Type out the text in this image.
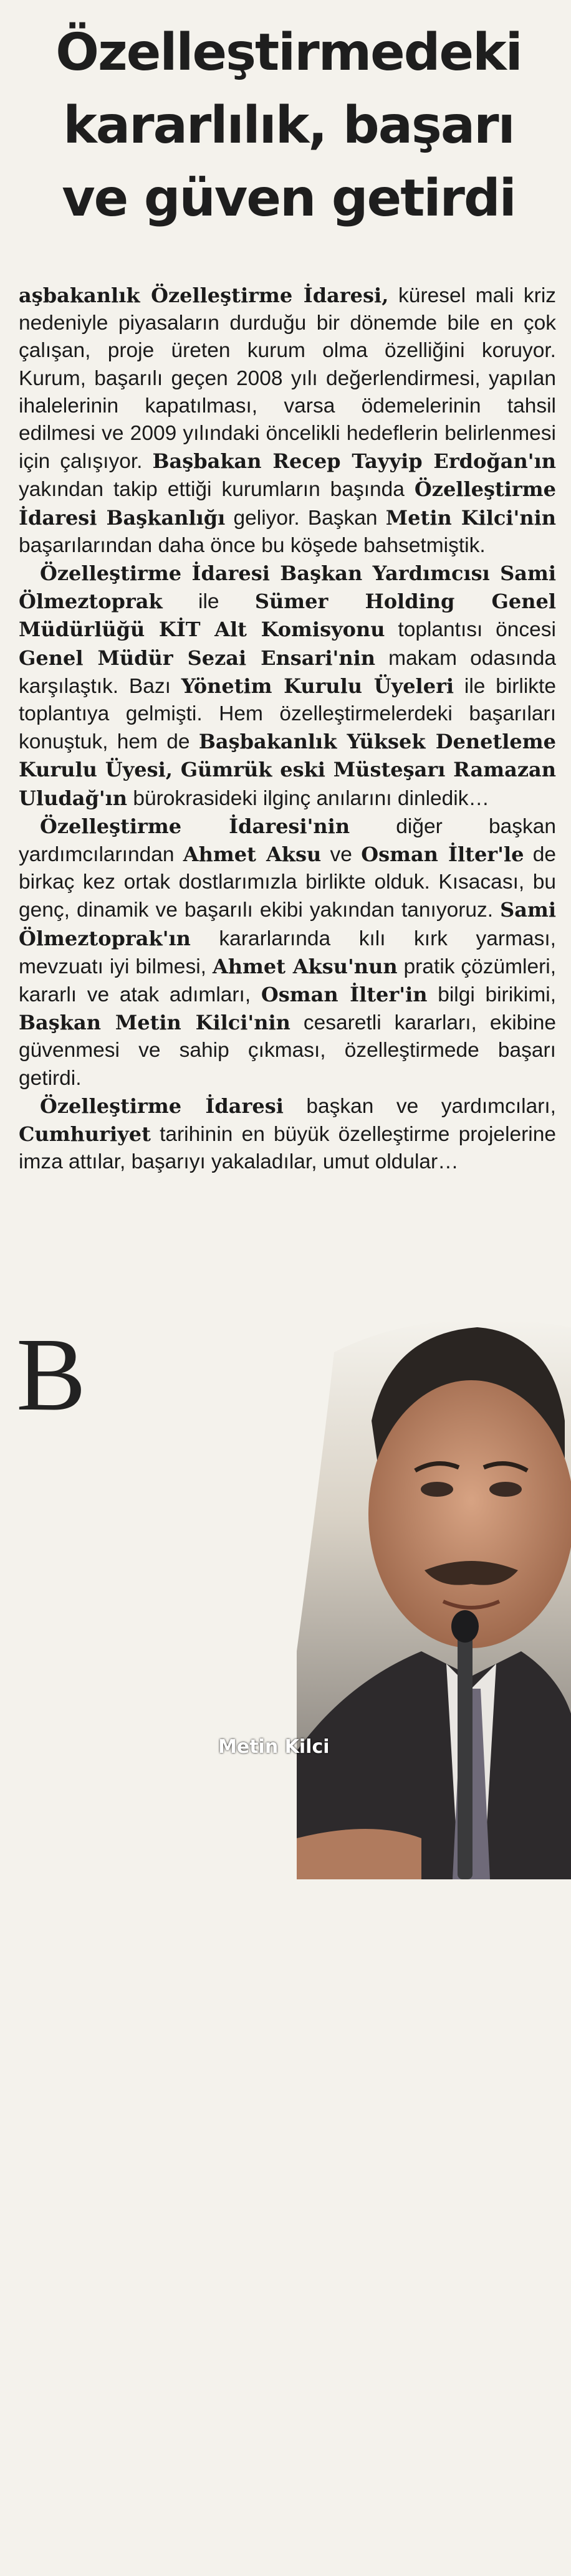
Özelleştirmedeki
kararlılık, başarı
ve güven getirdi

B
aşbakanlık Özelleştirme İdaresi, küresel mali kriz nedeniyle piyasaların durduğu bir dönemde bile en çok çalışan, proje üreten kurum olma özelliğini koruyor. Kurum, başarılı geçen 2008 yılı değerlendirmesi, yapılan ihalelerinin kapatılması, varsa ödemelerinin tahsil edilmesi ve 2009 yılındaki öncelikli hedeflerin belirlenmesi için çalışıyor. Başbakan Recep Tayyip Erdoğan'ın yakından takip ettiği kurumların başında Özelleştirme İdaresi Başkanlığı geliyor. Başkan Metin Kilci'nin başarılarından daha önce bu köşede bahsetmiştik.

Özelleştirme İdaresi Başkan Yardımcısı Sami Ölmeztoprak ile Sümer Holding Genel Müdürlüğü KİT Alt Komisyonu toplantısı öncesi Genel Müdür Sezai Ensari'nin makam odasında karşılaştık. Bazı Yönetim Kurulu Üyeleri ile birlikte toplantıya gelmişti. Hem özelleştirmelerdeki başarıları konuştuk, hem de Başbakanlık Yüksek Denetleme Kurulu Üyesi, Gümrük eski Müsteşarı Ramazan Uludağ'ın bürokrasideki ilginç anılarını dinledik…

Özelleştirme İdaresi'nin diğer başkan yardımcılarından Ahmet Aksu ve Osman İlter'le de birkaç kez ortak dostlarımızla birlikte olduk. Kısacası, bu genç, dinamik ve başarılı ekibi yakından tanıyoruz. Sami Ölmeztoprak'ın kararlarında kılı kırk yarması, mevzuatı iyi bilmesi, Ahmet Aksu'nun pratik çözümleri, kararlı ve atak adımları, Osman İlter'in bilgi birikimi, Başkan Metin Kilci'nin cesaretli kararları, ekibine güvenmesi ve sahip çıkması, özelleştirmede başarı getirdi.

Özelleştirme İdaresi başkan ve yardımcıları, Cumhuriyet tarihinin en büyük özelleştirme projelerine imza attılar, başarıyı yakaladılar, umut oldular…

Metin Kilci
